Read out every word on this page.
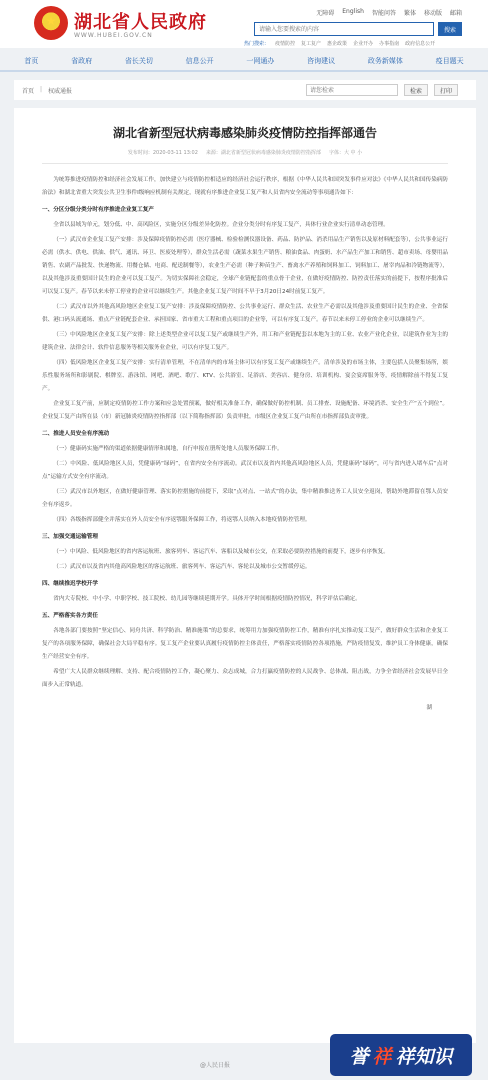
★
湖北省人民政府
WWW.HUBEI.GOV.CN
无障碍 English 智能问答 繁体 移动版 邮箱
请输入您要搜索的内容
搜索
热门搜索： 疫情防控 复工复产 惠企政策 企业开办 办事指南 政府信息公开
首页	省政府	省长关切	信息公开	一网通办	咨询建议	政务新媒体	疫目题天
首页 | 权威通报
请您检索	检索	打印
湖北省新型冠状病毒感染肺炎疫情防控指挥部通告
发布时间：2020-03-11 13:02 来源：湖北省新型冠状病毒感染肺炎疫情防控指挥部 字体：大 中 小

为统筹推进疫情防控和经济社会发展工作，加快建立与疫情防控相适应的经济社会运行秩序，根据《中华人民共和国突发事件应对法》《中华人民共和国传染病防治法》和湖北省重大突发公共卫生事件I级响应机制有关规定，现就有序推进企业复工复产和人员省内安全流动等事项通告如下：

一、分区分级分类分时有序推进企业复工复产

全省以县域为单元，划分低、中、高风险区，实施分区分级差异化防控。企业分类分时有序复工复产，具体行业企业实行清单动态管理。

（一）武汉市企业复工复产安排：涉及保障疫情防控必需（医疗器械、检验检测仪器设备、药品、防护品、消杀用品生产销售以及原材料配套等），公共事业运行必需（供水、供电、供油、供气、通讯、环卫、医废处理等），群众生活必需（蔬菜水果生产销售、粮油食品、肉蛋奶、水产品生产加工和销售、超市卖场、母婴用品销售、农副产品批发、快递物流、用餐仓储、电商、配送制餐等），农业生产必需（种子种苗生产、畜禽水产养殖和饲料加工、饲料加工、屠宰肉品和冷链物流等），以及其他涉及重要国计民生的企业可以复工复产。为切实保障社会稳定，全球产业链配套的重点骨干企业，在做好疫情防控、防控责任落实的前提下，按程序批准后可以复工复产。春节以来未停工停业的企业可以继续生产。其他企业复工复产时间不早于3月20日24时前复工复产。

（二）武汉市以外其他高风险地区企业复工复产安排：涉及保障疫情防控、公共事业运行、群众生活、农业生产必需以及其他涉及重要国计民生的企业、全省保供、港口码头流通场、重点产业链配套企业、承担国家、省市重大工程和重点项目的企业等，可以有序复工复产。春节以来未停工停业的企业可以继续生产。

（三）中风险地区企业复工复产安排：除上述类型企业可以复工复产或继续生产外，用工和产业链配套以本地为主的工业、农业产业化企业，以建筑作业为主的建筑企业、法律会计、软件信息服务等相关服务业企业，可以有序复工复产。

（四）低风险地区企业复工复产安排：实行清单管理，不在清单内的市场主体可以有序复工复产或继续生产。清单涉及的市场主体，主要包括人员聚集场所，娱乐性服务场所和影剧院、棋牌室、游泳馆、网吧、酒吧、歌厅、KTV、公共浴室、足浴店、美容店、健身房、培训机构、宴会宴席服务等，疫情解除前不得复工复产。

企业复工复产前，应制定疫情防控工作方案和应急处置预案，做好相关准备工作，确保做好防控机制、员工排查、设施配备、环境消杀、安全生产“五个到位”。企业复工复产由所在县（市）新冠肺炎疫情防控指挥部（以下简称指挥部）负责审批，市级区企业复工复产由所在市指挥部负责审批。

二、推进人员安全有序流动

（一）健康码实施严格的渠道依据健康情形和属地，自行申报在册所处地人员服务保障工作。

（二）中风险、低风险地区人员，凭健康码“绿码”，在省内安全有序流动。武汉市以及省内其他高风险地区人员，凭健康码“绿码”，可与省内进入堵车后“点对点”运输方式安全有序流动。

（三）武汉市以外地区，在做好健康管理、落实防控措施的前提下，采取“点对点、一站式”的办法，集中精准推送务工人员安全返岗，帮助外地滞留在鄂人员安全有序返乡。

（四）各级指挥部健全并落实在外人员安全有序返鄂服务保障工作，将返鄂人员纳入本地疫情防控管理。

三、加强交通运输管理

（一）中风险、低风险地区的省内客运航班、旅客列车、客运汽车、客船以及城市公交，在采取必要防控措施的前提下，逐步有序恢复。

（二）武汉市以及省内其他高风险地区的客运航班、旅客列车、客运汽车、客轮以及城市公交暂缓停运。

四、继续推迟学校开学

省内大专院校、中小学、中职学校、技工院校、幼儿园等继续延期开学。具体开学时间根据疫情防控情况，科学评估后确定。

五、严格落实各方责任

各地各部门要按照“坚定信心、同舟共济、科学防治、精准施策”的总要求，统筹用力加强疫情防控工作，精准有序扎实推动复工复产，做好群众生活和企业复工复产的各项服务保障，确保社会大局平稳有序。复工复产企业要认真履行疫情防控主体责任，严格落实疫情防控各项措施，严防疫情复发，维护员工身体健康，确保生产经营安全有序。

希望广大人民群众继续理解、支持、配合疫情防控工作，凝心聚力、众志成城，合力打赢疫情防控的人民战争、总体战、阻击战，力争全省经济社会发展早日全面步入正常轨道。

湖

@人民日报	誉 祥 祥知识
